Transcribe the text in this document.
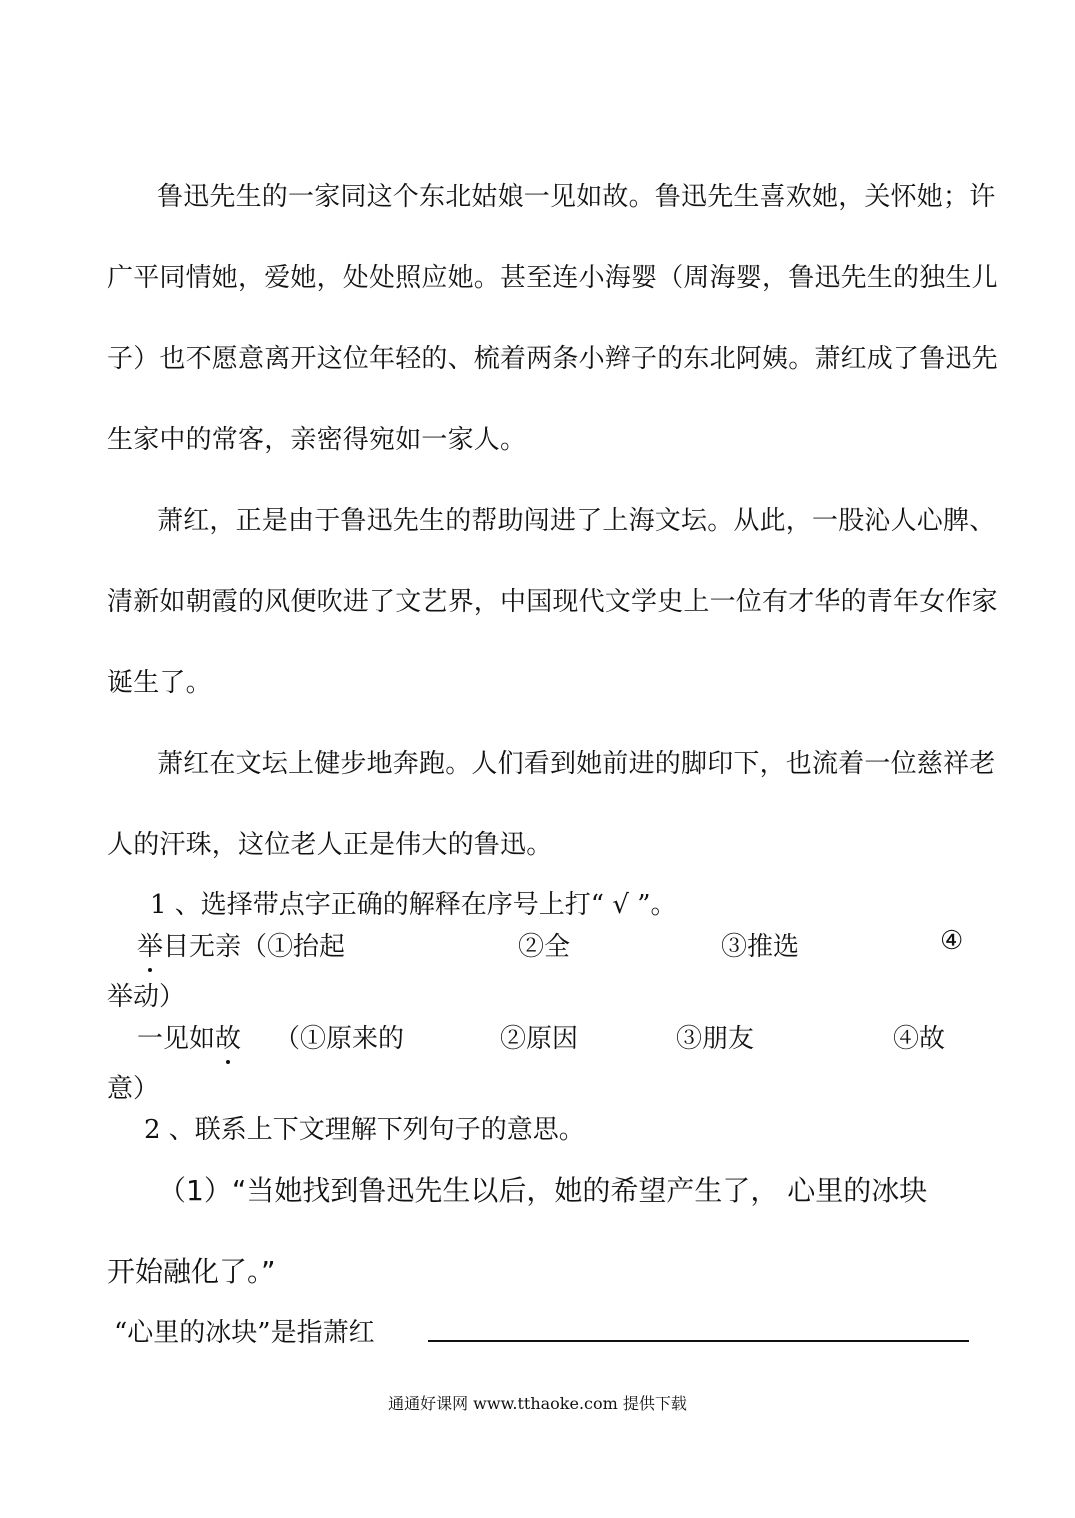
鲁迅先生的一家同这个东北姑娘一见如故。鲁迅先生喜欢她，关怀她；许
广平同情她，爱她，处处照应她。甚至连小海婴（周海婴，鲁迅先生的独生儿
子）也不愿意离开这位年轻的、梳着两条小辫子的东北阿姨。萧红成了鲁迅先
生家中的常客，亲密得宛如一家人。
萧红，正是由于鲁迅先生的帮助闯进了上海文坛。从此，一股沁人心脾、
清新如朝霞的风便吹进了文艺界，中国现代文学史上一位有才华的青年女作家
诞生了。
萧红在文坛上健步地奔跑。人们看到她前进的脚印下，也流着一位慈祥老
人的汗珠，这位老人正是伟大的鲁迅。
1 、选择带点字正确的解释在序号上打“ √ ”。
举目无亲（①抬起	②全	③推选	④
举动）
一见如故 （①原来的	②原因	③朋友	④故
意）
2 、联系上下文理解下列句子的意思。
（1）“当她找到鲁迅先生以后，她的希望产生了， 心里的冰块
开始融化了。”
“心里的冰块”是指萧红
通通好课网 www.tthaoke.com 提供下载
